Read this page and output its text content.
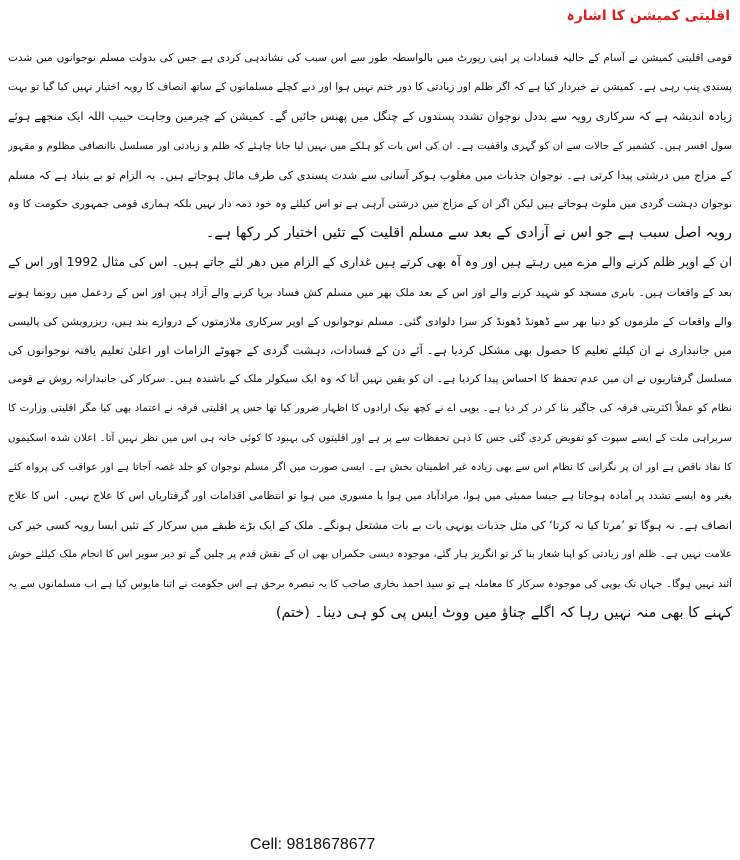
اقلیتی کمیشن کا اشارہ

قومی اقلیتی کمیشن نے آسام کے حالیہ فسادات پر اپنی رپورٹ میں بالواسطہ طور سے اس سبب کی نشاندہی کردی ہے جس کی بدولت مسلم نوجوانوں میں شدت
پسندی پنپ رہی ہے۔ کمیشن نے خبردار کیا ہے کہ اگر ظلم اور زیادتی کا دور ختم نہیں ہوا اور دبے کچلے مسلمانوں کے ساتھ انصاف کا رویہ اختیار نہیں کیا گیا تو بہت
زیادہ اندیشہ ہے کہ سرکاری رویہ سے بددل نوجوان تشدد پسندوں کے چنگل میں پھنس جائیں گے۔ کمیشن کے چیرمین وجاہت حبیب اللہ ایک منجھے ہوئے
سول افسر ہیں۔ کشمیر کے حالات سے ان کو گہری واقفیت ہے۔ ان کی اس بات کو ہلکے میں نہیں لیا جانا چاہئے کہ ظلم و زیادتی اور مسلسل ناانصافی مظلوم و مقہور
کے مزاج میں درشتی پیدا کرتی ہے۔ نوجوان جذبات میں مغلوب ہوکر آسانی سے شدت پسندی کی طرف مائل ہوجاتے ہیں۔ یہ الزام تو بے بنیاد ہے کہ مسلم
نوجوان دہشت گردی میں ملوث ہوجاتے ہیں لیکن اگر ان کے مزاج میں درشتی آرہی ہے تو اس کیلئے وہ خود ذمہ دار نہیں بلکہ ہماری قومی جمہوری حکومت کا وہ
رویہ اصل سبب ہے جو اس نے آزادی کے بعد سے مسلم اقلیت کے تئیں اختیار کر رکھا ہے۔

ان کے اوپر ظلم کرنے والے مزے میں رہتے ہیں اور وہ آہ بھی کرتے ہیں غداری کے الزام میں دھر لئے جاتے ہیں۔ اس کی مثال 1992 اور اس کے
بعد کے واقعات ہیں۔ بابری مسجد کو شہید کرنے والے اور اس کے بعد ملک بھر میں مسلم کش فساد برپا کرنے والے آزاد ہیں اور اس کے ردعمل میں رونما ہونے
والے واقعات کے ملزموں کو دنیا بھر سے ڈھونڈ ڈھونڈ کر سزا دلوادی گئی۔ مسلم نوجوانوں کے اوپر سرکاری ملازمتوں کے دروازے بند ہیں، ریزرویشن کی پالیسی
میں جانبداری نے ان کیلئے تعلیم کا حصول بھی مشکل کردیا ہے۔ آئے دن کے فسادات، دہشت گردی کے جھوٹے الزامات اور اعلیٰ تعلیم یافتہ نوجوانوں کی
مسلسل گرفتاریوں نے ان میں عدم تحفظ کا احساس پیدا کردیا ہے۔ ان کو یقین نہیں آتا کہ وہ ایک سیکولر ملک کے باشندہ ہیں۔ سرکار کی جانبدارانہ روش نے قومی
نظام کو عملاً اکثریتی فرقہ کی جاگیر بنا کر در کر دیا ہے۔ یوپی اے نے کچھ نیک ارادوں کا اظہار ضرور کیا تھا جس پر اقلیتی فرقہ نے اعتماد بھی کیا مگر اقلیتی وزارت کا
سربراہی ملت کے ایسے سپوت کو تفویض کردی گئی جس کا ذہن تحفظات سے پر ہے اور اقلیتوں کی بہبود کا کوئی خانہ ہی اس میں نظر نہیں آتا۔ اعلان شدہ اسکیموں
کا نفاذ ناقص ہے اور ان پر نگرانی کا نظام اس سے بھی زیادہ غیر اطمینان بخش ہے۔ ایسی صورت میں اگر مسلم نوجوان کو جلد غصہ آجاتا ہے اور عواقب کی پرواہ کئے
بغیر وہ ایسے تشدد پر آمادہ ہوجاتا ہے جیسا ممبئی میں ہوا، مرادآباد میں ہوا یا مسوری میں ہوا تو انتظامی اقدامات اور گرفتاریاں اس کا علاج نہیں۔ اس کا علاج
انصاف ہے۔ نہ ہوگا تو ’مرتا کیا نہ کرتا‘ کی مثل جذبات یونہی بات بے بات مشتعل ہونگے۔ ملک کے ایک بڑے طبقے میں سرکار کے تئیں ایسا رویہ کسی خیر کی
علامت نہیں ہے۔ ظلم اور زیادتی کو اپنا شعار بنا کر تو انگریز ہار گئے، موجودہ دیسی حکمراں بھی ان کے نقش قدم پر چلیں گے تو دیر سویر اس کا انجام ملک کیلئے خوش
آئند نہیں ہوگا۔ جہاں تک یوپی کی موجودہ سرکار کا معاملہ ہے تو سید احمد بخاری صاحب کا یہ تبصرہ برحق ہے اس حکومت نے اتنا مایوس کیا ہے اب مسلمانوں سے یہ
کہنے کا بھی منہ نہیں رہا کہ اگلے چناؤ میں ووٹ ایس پی کو ہی دینا۔ (ختم)

Cell: 9818678677
